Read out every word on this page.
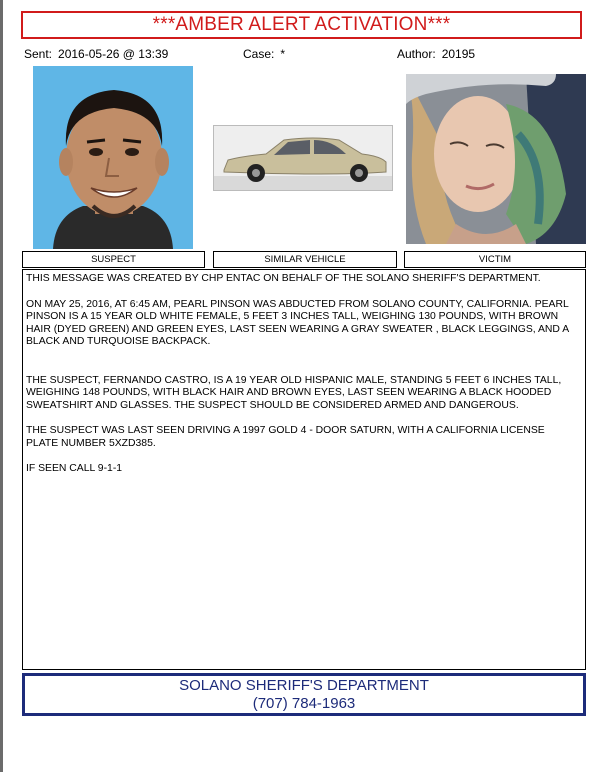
***AMBER ALERT ACTIVATION***
Sent: 2016-05-26 @ 13:39	Case: *	Author: 20195
SUSPECT	SIMILAR VEHICLE	VICTIM

THIS MESSAGE WAS CREATED BY CHP ENTAC ON BEHALF OF THE SOLANO SHERIFF'S DEPARTMENT.

ON MAY 25, 2016, AT 6:45 AM, PEARL PINSON WAS ABDUCTED FROM SOLANO COUNTY, CALIFORNIA. PEARL PINSON IS A 15 YEAR OLD WHITE FEMALE, 5 FEET 3 INCHES TALL, WEIGHING 130 POUNDS, WITH BROWN HAIR (DYED GREEN) AND GREEN EYES, LAST SEEN WEARING A GRAY SWEATER , BLACK LEGGINGS, AND A BLACK AND TURQUOISE BACKPACK.

THE SUSPECT, FERNANDO CASTRO, IS A 19 YEAR OLD HISPANIC MALE, STANDING 5 FEET 6 INCHES TALL, WEIGHING 148 POUNDS, WITH BLACK HAIR AND BROWN EYES, LAST SEEN WEARING A BLACK HOODED SWEATSHIRT AND GLASSES. THE SUSPECT SHOULD BE CONSIDERED ARMED AND DANGEROUS.

THE SUSPECT WAS LAST SEEN DRIVING A 1997 GOLD 4 - DOOR SATURN, WITH A CALIFORNIA LICENSE PLATE NUMBER 5XZD385.

IF SEEN CALL 9-1-1

SOLANO SHERIFF'S DEPARTMENT
(707) 784-1963
